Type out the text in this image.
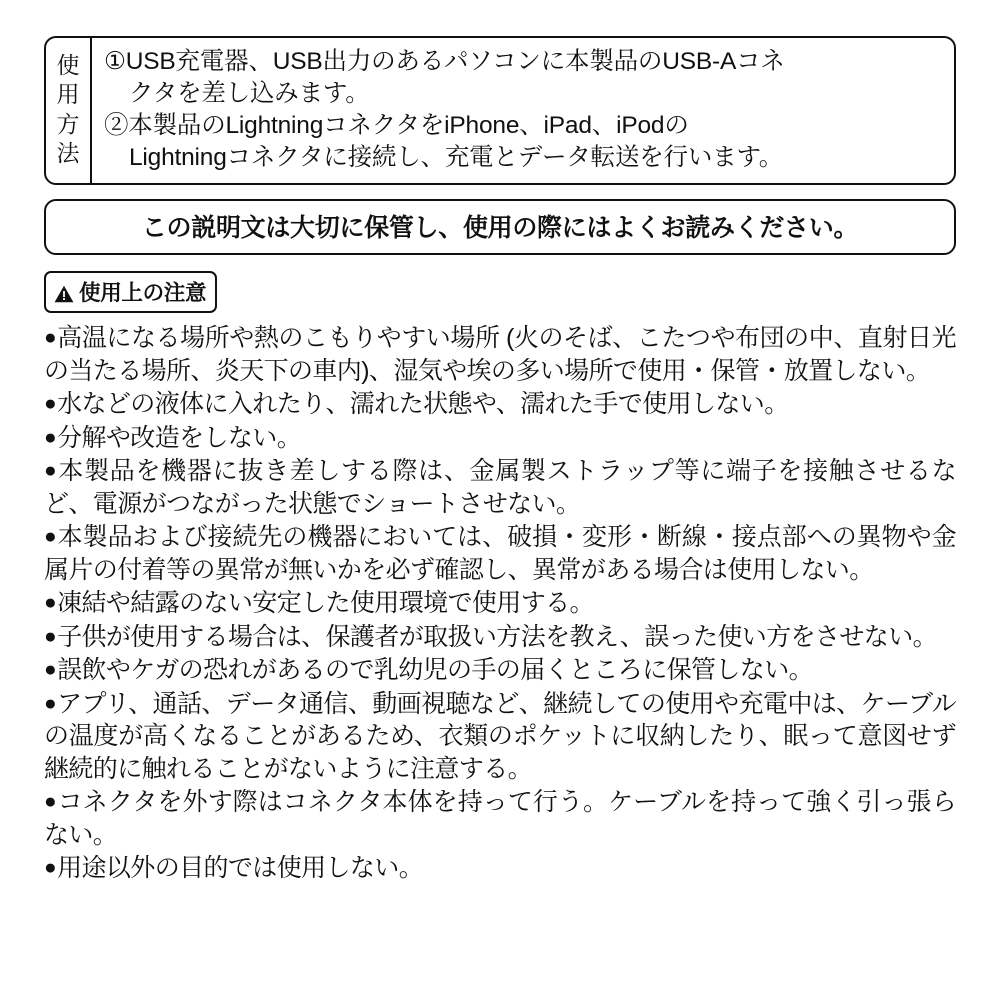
使
用
方
法
①USB充電器、USB出力のあるパソコンに本製品のUSB-Aコネ
クタを差し込みます。
②本製品のLightningコネクタをiPhone、iPad、iPodの
Lightningコネクタに接続し、充電とデータ転送を行います。
この説明文は大切に保管し、使用の際にはよくお読みください。
使用上の注意
● 高温になる場所や熱のこもりやすい場所 (火のそば、こたつや布団の中、直射日光の当たる場所、炎天下の車内)、湿気や埃の多い場所で使用・保管・放置しない。
● 水などの液体に入れたり、濡れた状態や、濡れた手で使用しない。
● 分解や改造をしない。
● 本製品を機器に抜き差しする際は、金属製ストラップ等に端子を接触させるなど、電源がつながった状態でショートさせない。
● 本製品および接続先の機器においては、破損・変形・断線・接点部への異物や金属片の付着等の異常が無いかを必ず確認し、異常がある場合は使用しない。
● 凍結や結露のない安定した使用環境で使用する。
● 子供が使用する場合は、保護者が取扱い方法を教え、誤った使い方をさせない。
● 誤飲やケガの恐れがあるので乳幼児の手の届くところに保管しない。
● アプリ、通話、データ通信、動画視聴など、継続しての使用や充電中は、ケーブルの温度が高くなることがあるため、衣類のポケットに収納したり、眠って意図せず継続的に触れることがないように注意する。
● コネクタを外す際はコネクタ本体を持って行う。ケーブルを持って強く引っ張らない。
● 用途以外の目的では使用しない。
